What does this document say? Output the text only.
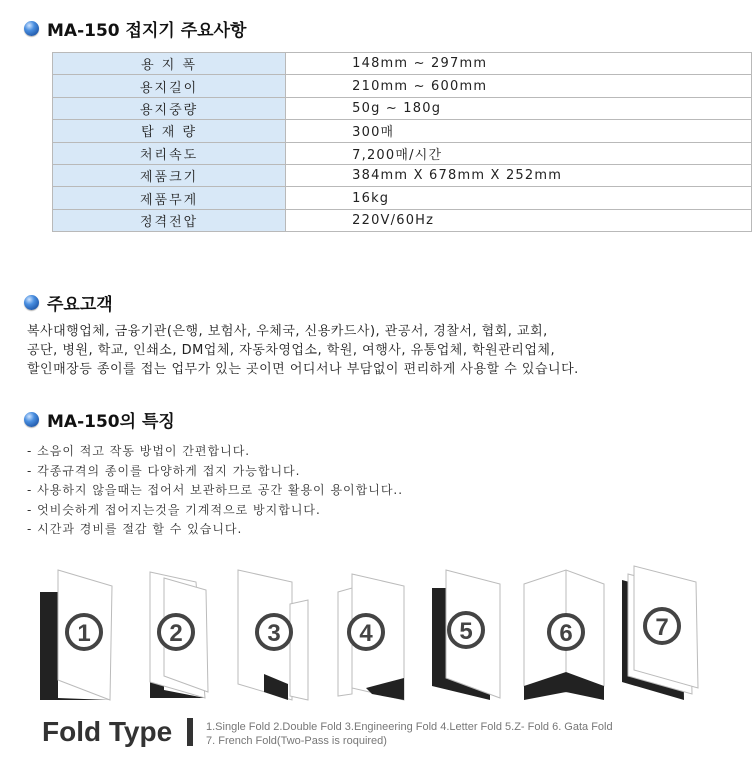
MA-150 접지기 주요사항
용 지 폭	148mm ~ 297mm
용지길이	210mm ~ 600mm
용지중량	50g ~ 180g
탑 재 량	300매
처리속도	7,200매/시간
제품크기	384mm X 678mm X 252mm
제품무게	16kg
정격전압	220V/60Hz
주요고객
복사대행업체, 금융기관(은행, 보험사, 우체국, 신용카드사), 관공서, 경찰서, 협회, 교회,
공단, 병원, 학교, 인쇄소, DM업체, 자동차영업소, 학원, 여행사, 유통업체, 학원관리업체,
할인매장등 종이를 접는 업무가 있는 곳이면 어디서나 부담없이 편리하게 사용할 수 있습니다.
MA-150의 특징
- 소음이 적고 작동 방법이 간편합니다.
- 각종규격의 종이를 다양하게 접지 가능합니다.
- 사용하지 않을때는 접어서 보관하므로 공간 활용이 용이합니다..
- 엇비슷하게 접어지는것을 기계적으로 방지합니다.
- 시간과 경비를 절감 할 수 있습니다.
1	2	3	4	5	6	7
Fold Type	1.Single Fold 2.Double Fold 3.Engineering Fold 4.Letter Fold 5.Z- Fold 6. Gata Fold
7. French Fold(Two-Pass is roquired)
